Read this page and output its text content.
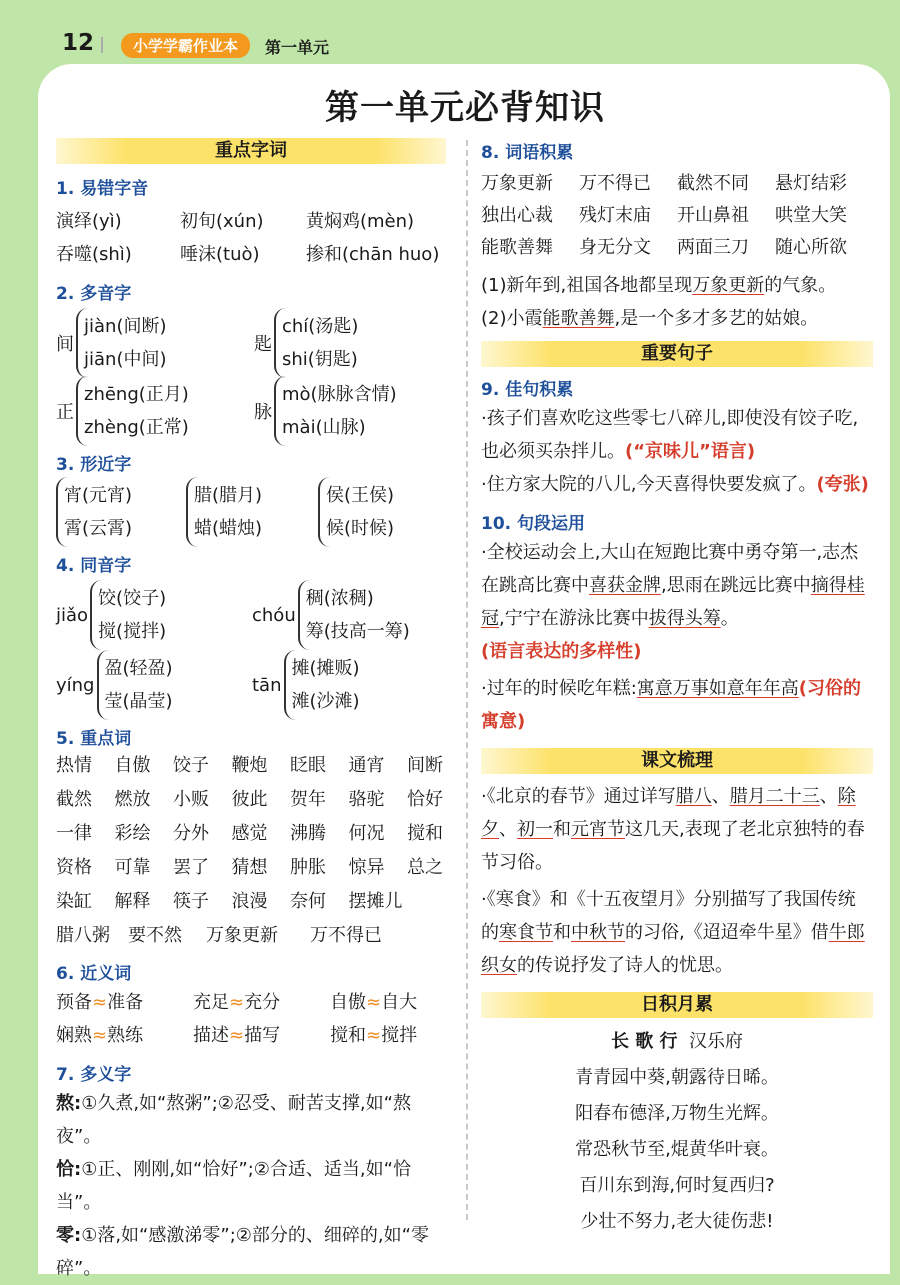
12	小学学霸作业本	第一单元
第一单元必背知识
重点字词
1. 易错字音
演绎(yì)	初旬(xún) 黄焖鸡(mèn)
吞噬(shì)	唾沫(tuò)	掺和(chān huo)
2. 多音字
间
jiàn(间断)
jiān(中间)
匙
chí(汤匙)
shi(钥匙)
正
zhēng(正月)
zhèng(正常)
脉
mò(脉脉含情)
mài(山脉)
3. 形近字
宵(元宵)
霄(云霄)
腊(腊月)
蜡(蜡烛)
侯(王侯)
候(时候)
4. 同音字
jiǎo
饺(饺子)
搅(搅拌)
chóu
稠(浓稠)
筹(技高一筹)
yíng
盈(轻盈)
莹(晶莹)
tān
摊(摊贩)
滩(沙滩)
5. 重点词
热情 自傲 饺子 鞭炮 眨眼 通宵 间断
截然 燃放 小贩 彼此 贺年 骆驼 恰好
一律 彩绘 分外 感觉 沸腾 何况 搅和
资格 可靠 罢了 猜想 肿胀 惊异 总之
染缸 解释 筷子 浪漫 奈何 摆摊儿
腊八粥 要不然 万象更新 万不得已
6. 近义词
预备≈准备	充足≈充分	自傲≈自大
娴熟≈熟练	描述≈描写	搅和≈搅拌
7. 多义字
熬:①久煮,如“熬粥”;②忍受、耐苦支撑,如“熬夜”。
恰:①正、刚刚,如“恰好”;②合适、适当,如“恰当”。
零:①落,如“感激涕零”;②部分的、细碎的,如“零碎”。
8. 词语积累
万象更新 万不得已 截然不同 悬灯结彩
独出心裁 残灯末庙 开山鼻祖 哄堂大笑
能歌善舞 身无分文 两面三刀 随心所欲
(1)新年到,祖国各地都呈现万象更新的气象。
(2)小霞能歌善舞,是一个多才多艺的姑娘。
重要句子
9. 佳句积累
·孩子们喜欢吃这些零七八碎儿,即使没有饺子吃,也必须买杂拌儿。(“京味儿”语言)
·住方家大院的八儿,今天喜得快要发疯了。(夸张)
10. 句段运用
·全校运动会上,大山在短跑比赛中勇夺第一,志杰在跳高比赛中喜获金牌,思雨在跳远比赛中摘得桂冠,宁宁在游泳比赛中拔得头筹。
(语言表达的多样性)
·过年的时候吃年糕:寓意万事如意年年高(习俗的寓意)
课文梳理
·《北京的春节》通过详写腊八、腊月二十三、除夕、初一和元宵节这几天,表现了老北京独特的春节习俗。
·《寒食》和《十五夜望月》分别描写了我国传统的寒食节和中秋节的习俗,《迢迢牵牛星》借牛郎织女的传说抒发了诗人的忧思。
日积月累
长 歌 行 汉乐府
青青园中葵,朝露待日晞。
阳春布德泽,万物生光辉。
常恐秋节至,焜黄华叶衰。
百川东到海,何时复西归?
少壮不努力,老大徒伤悲!
